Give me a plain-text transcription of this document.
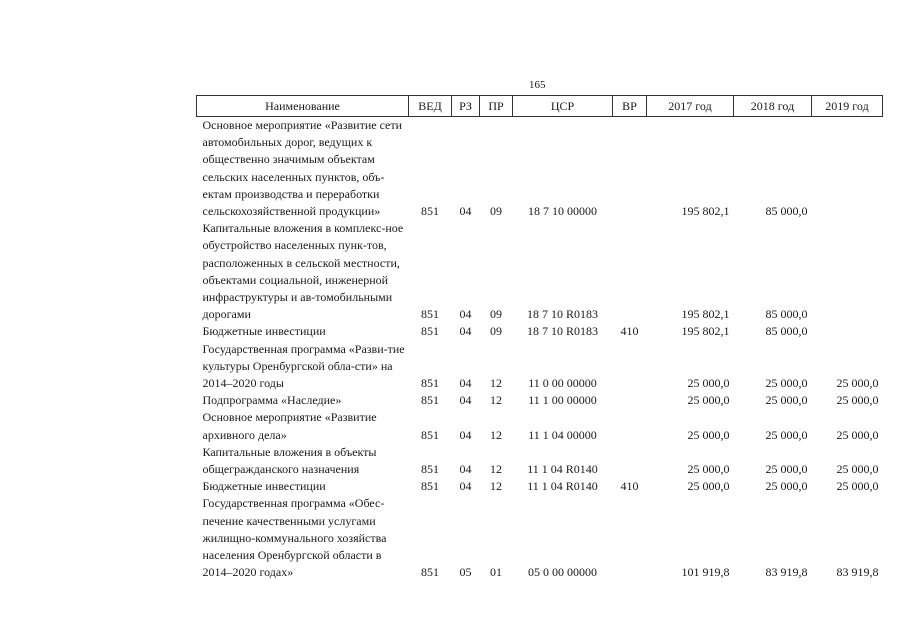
165
Наименование	ВЕД	РЗ	ПР	ЦСР	ВР	2017 год	2018 год	2019 год
Основное мероприятие «Развитие сети автомобильных дорог, ведущих к общественно значимым объектам сельских населенных пунктов, объ-ектам производства и переработки сельскохозяйственной продукции»	851	04	09	18 7 10 00000		195 802,1	85 000,0	
Капитальные вложения в комплекс-ное обустройство населенных пунк-тов, расположенных в сельской местности, объектами социальной, инженерной инфраструктуры и ав-томобильными дорогами	851	04	09	18 7 10 R0183		195 802,1	85 000,0	
Бюджетные инвестиции	851	04	09	18 7 10 R0183	410	195 802,1	85 000,0	
Государственная программа «Разви-тие культуры Оренбургской обла-сти» на 2014–2020 годы	851	04	12	11 0 00 00000		25 000,0	25 000,0	25 000,0
Подпрограмма «Наследие»	851	04	12	11 1 00 00000		25 000,0	25 000,0	25 000,0
Основное мероприятие «Развитие архивного дела»	851	04	12	11 1 04 00000		25 000,0	25 000,0	25 000,0
Капитальные вложения в объекты общегражданского назначения	851	04	12	11 1 04 R0140		25 000,0	25 000,0	25 000,0
Бюджетные инвестиции	851	04	12	11 1 04 R0140	410	25 000,0	25 000,0	25 000,0
Государственная программа «Обес-печение качественными услугами жилищно-коммунального хозяйства населения Оренбургской области в 2014–2020 годах»	851	05	01	05 0 00 00000		101 919,8	83 919,8	83 919,8
